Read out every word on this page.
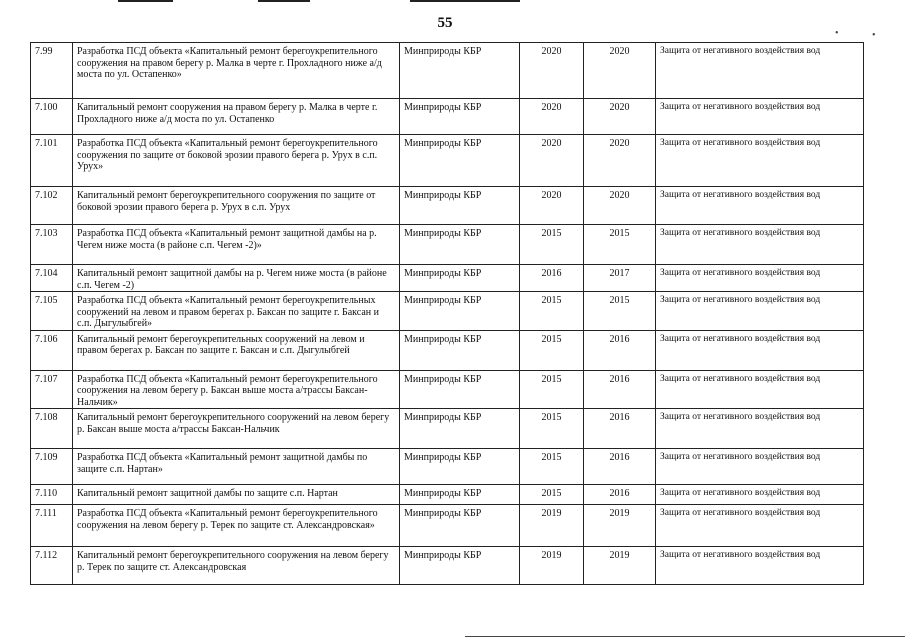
55
•	•
7.99	Разработка ПСД объекта «Капитальный ремонт берегоукрепительного сооружения на правом берегу р. Малка в черте г. Прохладного ниже а/д моста по ул. Остапенко»	Минприроды КБР	2020	2020	Защита от негативного воздействия вод
7.100	Капитальный ремонт сооружения на правом берегу р. Малка в черте г. Прохладного ниже а/д моста по ул. Остапенко	Минприроды КБР	2020	2020	Защита от негативного воздействия вод
7.101	Разработка ПСД объекта «Капитальный ремонт берегоукрепительного сооружения по защите от боковой эрозии правого берега р. Урух в с.п. Урух»	Минприроды КБР	2020	2020	Защита от негативного воздействия вод
7.102	Капитальный ремонт берегоукрепительного сооружения по защите от боковой эрозии правого берега р. Урух в с.п. Урух	Минприроды КБР	2020	2020	Защита от негативного воздействия вод
7.103	Разработка ПСД объекта «Капитальный ремонт защитной дамбы на р. Чегем ниже моста (в районе с.п. Чегем -2)»	Минприроды КБР	2015	2015	Защита от негативного воздействия вод
7.104	Капитальный ремонт защитной дамбы на р. Чегем ниже моста (в районе с.п. Чегем -2)	Минприроды КБР	2016	2017	Защита от негативного воздействия вод
7.105	Разработка ПСД объекта «Капитальный ремонт берегоукрепительных сооружений на левом и правом берегах р. Баксан по защите г. Баксан и с.п. Дыгулыбгей»	Минприроды КБР	2015	2015	Защита от негативного воздействия вод
7.106	Капитальный ремонт берегоукрепительных сооружений на левом и правом берегах р. Баксан по защите г. Баксан и с.п. Дыгулыбгей	Минприроды КБР	2015	2016	Защита от негативного воздействия вод
7.107	Разработка ПСД объекта «Капитальный ремонт берегоукрепительного сооружения на левом берегу р. Баксан выше моста а/трассы Баксан-Нальчик»	Минприроды КБР	2015	2016	Защита от негативного воздействия вод
7.108	Капитальный ремонт берегоукрепительного сооружений на левом берегу р. Баксан выше моста а/трассы Баксан-Нальчик	Минприроды КБР	2015	2016	Защита от негативного воздействия вод
7.109	Разработка ПСД объекта «Капитальный ремонт защитной дамбы по защите с.п. Нартан»	Минприроды КБР	2015	2016	Защита от негативного воздействия вод
7.110	Капитальный ремонт защитной дамбы по защите с.п. Нартан	Минприроды КБР	2015	2016	Защита от негативного воздействия вод
7.111	Разработка ПСД объекта «Капитальный ремонт берегоукрепительного сооружения на левом берегу р. Терек по защите ст. Александровская»	Минприроды КБР	2019	2019	Защита от негативного воздействия вод
7.112	Капитальный ремонт берегоукрепительного сооружения на левом берегу р. Терек по защите ст. Александровская	Минприроды КБР	2019	2019	Защита от негативного воздействия вод
